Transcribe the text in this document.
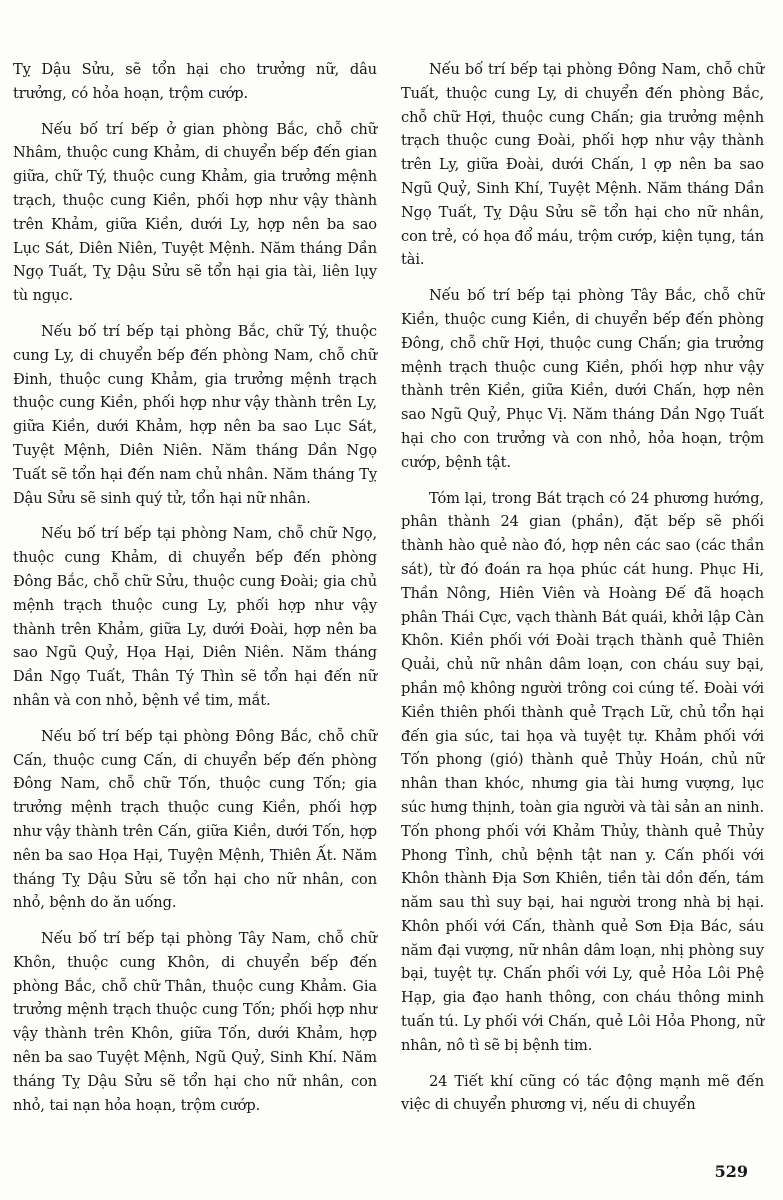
Tỵ Dậu Sửu, sẽ tổn hại cho trưởng nữ, dâu trưởng, có hỏa hoạn, trộm cướp.

Nếu bố trí bếp ở gian phòng Bắc, chỗ chữ Nhâm, thuộc cung Khảm, di chuyển bếp đến gian giữa, chữ Tý, thuộc cung Khảm, gia trưởng mệnh trạch, thuộc cung Kiền, phối hợp như vậy thành trên Khảm, giữa Kiền, dưới Ly, hợp nên ba sao Lục Sát, Diên Niên, Tuyệt Mệnh. Năm tháng Dần Ngọ Tuất, Tỵ Dậu Sửu sẽ tổn hại gia tài, liên lụy tù ngục.

Nếu bố trí bếp tại phòng Bắc, chữ Tý, thuộc cung Ly, di chuyển bếp đến phòng Nam, chỗ chữ Đinh, thuộc cung Khảm, gia trưởng mệnh trạch thuộc cung Kiền, phối hợp như vậy thành trên Ly, giữa Kiền, dưới Khảm, hợp nên ba sao Lục Sát, Tuyệt Mệnh, Diên Niên. Năm tháng Dần Ngọ Tuất sẽ tổn hại đến nam chủ nhân. Năm tháng Tỵ Dậu Sửu sẽ sinh quý tử, tổn hại nữ nhân.

Nếu bố trí bếp tại phòng Nam, chỗ chữ Ngọ, thuộc cung Khảm, di chuyển bếp đến phòng Đông Bắc, chỗ chữ Sửu, thuộc cung Đoài; gia chủ mệnh trạch thuộc cung Ly, phối hợp như vậy thành trên Khảm, giữa Ly, dưới Đoài, hợp nên ba sao Ngũ Quỷ, Họa Hại, Diên Niên. Năm tháng Dần Ngọ Tuất, Thân Tý Thìn sẽ tổn hại đến nữ nhân và con nhỏ, bệnh về tim, mắt.

Nếu bố trí bếp tại phòng Đông Bắc, chỗ chữ Cấn, thuộc cung Cấn, di chuyển bếp đến phòng Đông Nam, chỗ chữ Tốn, thuộc cung Tốn; gia trưởng mệnh trạch thuộc cung Kiền, phối hợp như vậy thành trên Cấn, giữa Kiền, dưới Tốn, hợp nên ba sao Họa Hại, Tuyện Mệnh, Thiên Ất. Năm tháng Tỵ Dậu Sửu sẽ tổn hại cho nữ nhân, con nhỏ, bệnh do ăn uống.

Nếu bố trí bếp tại phòng Tây Nam, chỗ chữ Khôn, thuộc cung Khôn, di chuyển bếp đến phòng Bắc, chỗ chữ Thân, thuộc cung Khảm. Gia trưởng mệnh trạch thuộc cung Tốn; phối hợp như vậy thành trên Khôn, giữa Tốn, dưới Khảm, hợp nên ba sao Tuyệt Mệnh, Ngũ Quỷ, Sinh Khí. Năm tháng Tỵ Dậu Sửu sẽ tổn hại cho nữ nhân, con nhỏ, tai nạn hỏa hoạn, trộm cướp.

Nếu bố trí bếp tại phòng Đông Nam, chỗ chữ Tuất, thuộc cung Ly, di chuyển đến phòng Bắc, chỗ chữ Hợi, thuộc cung Chấn; gia trưởng mệnh trạch thuộc cung Đoài, phối hợp như vậy thành trên Ly, giữa Đoài, dưới Chấn, l ợp nên ba sao Ngũ Quỷ, Sinh Khí, Tuyệt Mệnh. Năm tháng Dần Ngọ Tuất, Tỵ Dậu Sửu sẽ tổn hại cho nữ nhân, con trẻ, có họa đổ máu, trộm cướp, kiện tụng, tán tài.

Nếu bố trí bếp tại phòng Tây Bắc, chỗ chữ Kiền, thuộc cung Kiền, di chuyển bếp đến phòng Đông, chỗ chữ Hợi, thuộc cung Chấn; gia trưởng mệnh trạch thuộc cung Kiền, phối hợp như vậy thành trên Kiền, giữa Kiền, dưới Chấn, hợp nên sao Ngũ Quỷ, Phục Vị. Năm tháng Dần Ngọ Tuất hại cho con trưởng và con nhỏ, hỏa hoạn, trộm cướp, bệnh tật.

Tóm lại, trong Bát trạch có 24 phương hướng, phân thành 24 gian (phần), đặt bếp sẽ phối thành hào quẻ nào đó, hợp nên các sao (các thần sát), từ đó đoán ra họa phúc cát hung. Phục Hi, Thần Nông, Hiên Viên và Hoàng Đế đã hoạch phân Thái Cực, vạch thành Bát quái, khởi lập Càn Khôn. Kiền phối với Đoài trạch thành quẻ Thiên Quải, chủ nữ nhân dâm loạn, con cháu suy bại, phần mộ không người trông coi cúng tế. Đoài với Kiền thiên phối thành quẻ Trạch Lữ, chủ tổn hại đến gia súc, tai họa và tuyệt tự. Khảm phối với Tốn phong (gió) thành quẻ Thủy Hoán, chủ nữ nhân than khóc, nhưng gia tài hưng vượng, lục súc hưng thịnh, toàn gia người và tài sản an ninh. Tốn phong phối với Khảm Thủy, thành quẻ Thủy Phong Tỉnh, chủ bệnh tật nan y. Cấn phối với Khôn thành Địa Sơn Khiên, tiền tài dồn đến, tám năm sau thì suy bại, hai người trong nhà bị hại. Khôn phối với Cấn, thành quẻ Sơn Địa Bác, sáu năm đại vượng, nữ nhân dâm loạn, nhị phòng suy bại, tuyệt tự. Chấn phối với Ly, quẻ Hỏa Lôi Phệ Hạp, gia đạo hanh thông, con cháu thông minh tuấn tú. Ly phối với Chấn, quẻ Lôi Hỏa Phong, nữ nhân, nô tì sẽ bị bệnh tim.

24 Tiết khí cũng có tác động mạnh mẽ đến việc di chuyển phương vị, nếu di chuyển

529
